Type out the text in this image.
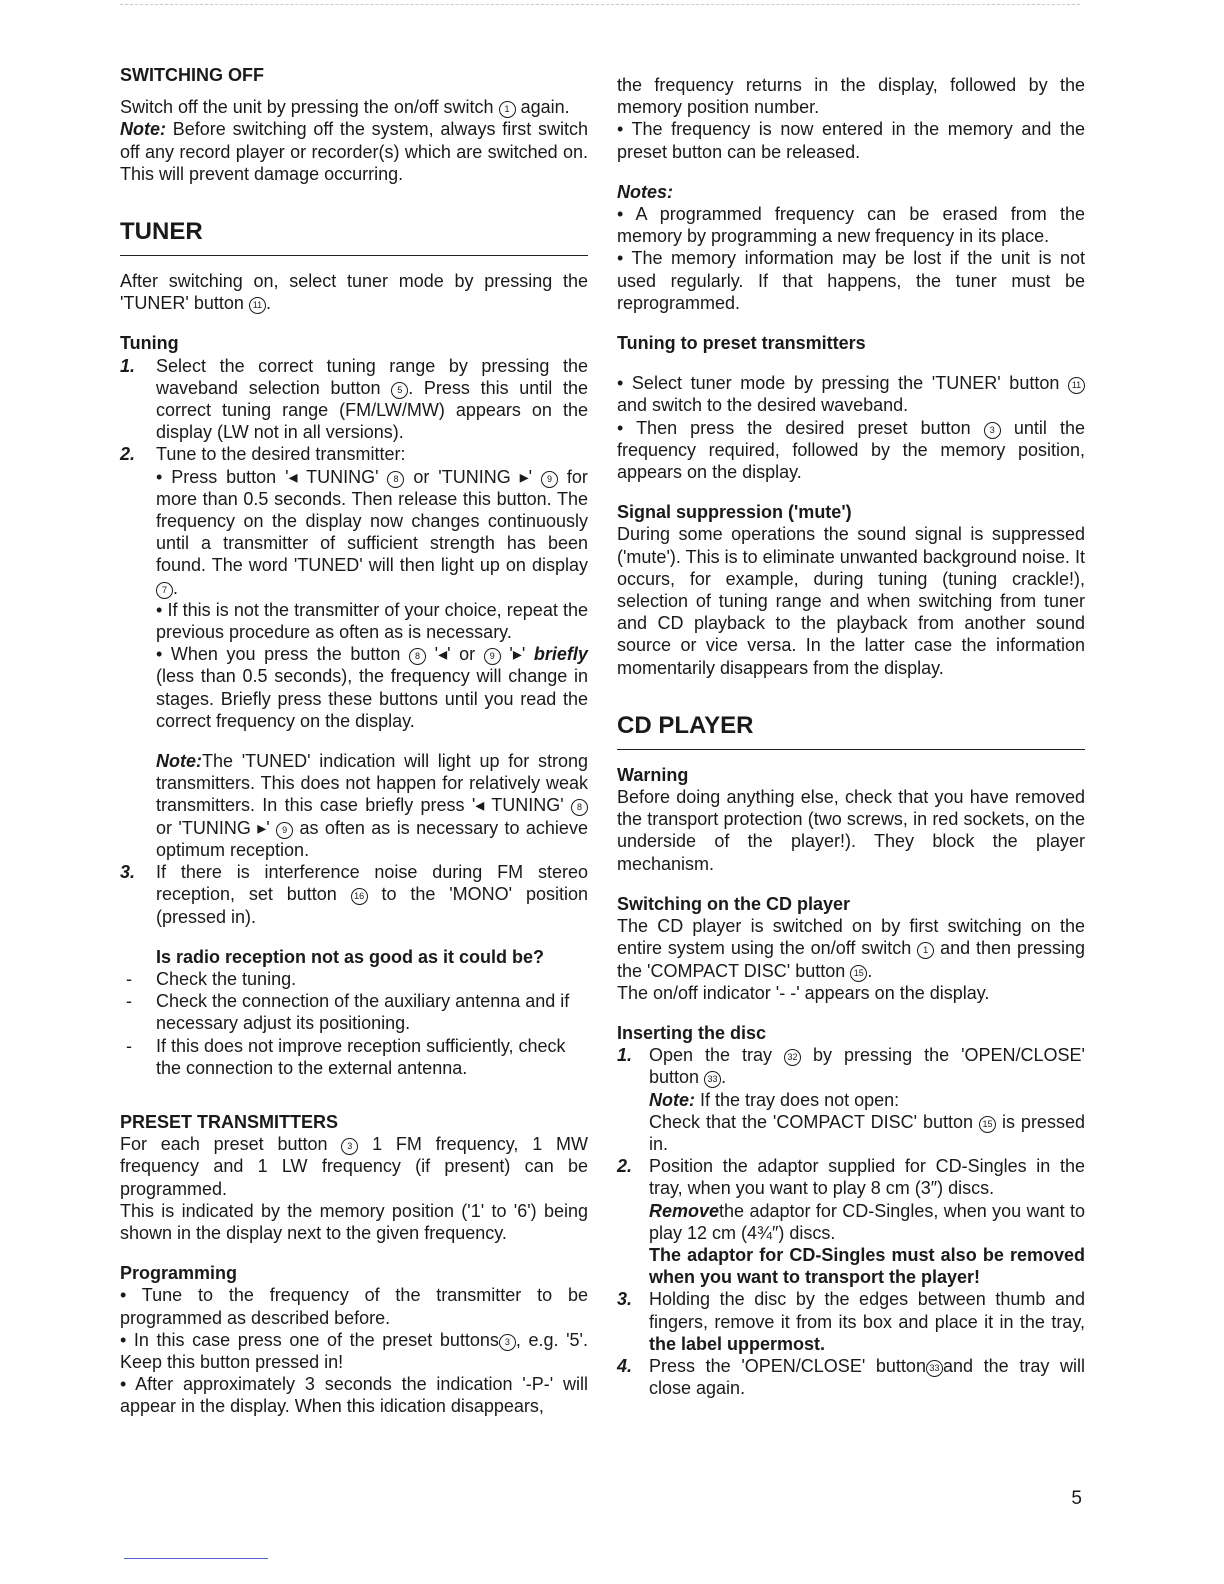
SWITCHING OFF

Switch off the unit by pressing the on/off switch 1 again.
Note: Before switching off the system, always first switch off any record player or recorder(s) which are switched on. This will prevent damage occurring.

TUNER

After switching on, select tuner mode by pressing the 'TUNER' button 11 .

Tuning
1. Select the correct tuning range by pressing the waveband selection button 5 . Press this until the correct tuning range (FM/LW/MW) appears on the display (LW not in all versions).

2. Tune to the desired transmitter:

• Press button '◂ TUNING' 8 or 'TUNING ▸' 9 for more than 0.5 seconds. Then release this button. The frequency on the display now changes continuously until a transmitter of sufficient strength has been found. The word 'TUNED' will then light up on display 7 .

• If this is not the transmitter of your choice, repeat the previous procedure as often as is necessary.

• When you press the button 8 '◂' or 9 '▸' briefly (less than 0.5 seconds), the frequency will change in stages. Briefly press these buttons until you read the correct frequency on the display.

Note:The 'TUNED' indication will light up for strong transmitters. This does not happen for relatively weak transmitters. In this case briefly press '◂ TUNING' 8 or 'TUNING ▸' 9 as often as is necessary to achieve optimum reception.

3. If there is interference noise during FM stereo reception, set button 16 to the 'MONO' position (pressed in).

Is radio reception not as good as it could be?

- Check the tuning.
- Check the connection of the auxiliary antenna and if necessary adjust its positioning.
- If this does not improve reception sufficiently, check the connection to the external antenna.
PRESET TRANSMITTERS

For each preset button 3 1 FM frequency, 1 MW frequency and 1 LW frequency (if present) can be programmed.

This is indicated by the memory position ('1' to '6') being shown in the display next to the given frequency.

Programming

• Tune to the frequency of the transmitter to be programmed as described before.

• In this case press one of the preset buttons 3 , e.g. '5'. Keep this button pressed in!

• After approximately 3 seconds the indication '-P-' will appear in the display. When this idication disappears,

the frequency returns in the display, followed by the memory position number.

• The frequency is now entered in the memory and the preset button can be released.

Notes:

• A programmed frequency can be erased from the memory by programming a new frequency in its place.

• The memory information may be lost if the unit is not used regularly. If that happens, the tuner must be reprogrammed.

Tuning to preset transmitters

• Select tuner mode by pressing the 'TUNER' button 11 and switch to the desired waveband.

• Then press the desired preset button 3 until the frequency required, followed by the memory position, appears on the display.

Signal suppression ('mute')

During some operations the sound signal is suppressed ('mute'). This is to eliminate unwanted background noise. It occurs, for example, during tuning (tuning crackle!), selection of tuning range and when switching from tuner and CD playback to the playback from another sound source or vice versa. In the latter case the information momentarily disappears from the display.

CD PLAYER
Warning

Before doing anything else, check that you have removed the transport protection (two screws, in red sockets, on the underside of the player!). They block the player mechanism.

Switching on the CD player

The CD player is switched on by first switching on the entire system using the on/off switch 1 and then pressing the 'COMPACT DISC' button 15 .

The on/off indicator '- -' appears on the display.

Inserting the disc
1. Open the tray 32 by pressing the 'OPEN/CLOSE' button 33 .

Note: If the tray does not open:

Check that the 'COMPACT DISC' button 15 is pressed in.

2. Position the adaptor supplied for CD-Singles in the tray, when you want to play 8 cm (3″) discs.

Removethe adaptor for CD-Singles, when you want to play 12 cm (4¾″) discs.

The adaptor for CD-Singles must also be removed when you want to transport the player!

3. Holding the disc by the edges between thumb and fingers, remove it from its box and place it in the tray, the label uppermost.

4. Press the 'OPEN/CLOSE' button 33 and the tray will close again.

5
